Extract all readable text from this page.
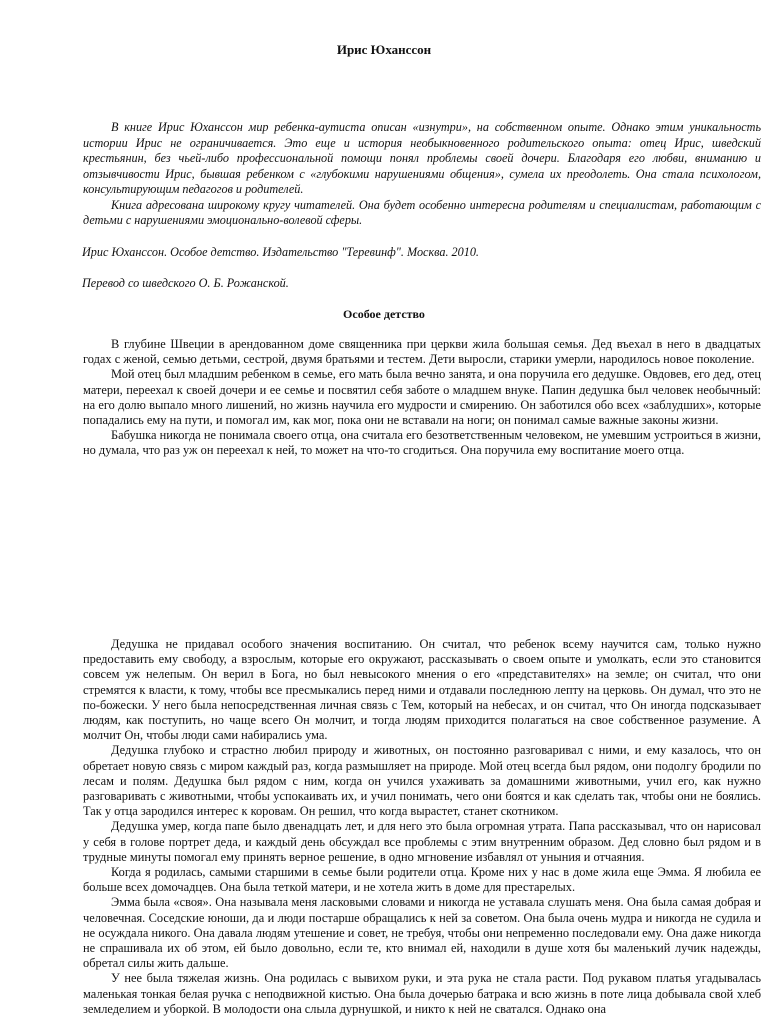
Ирис Юханссон

В книге Ирис Юханссон мир ребенка-аутиста описан «изнутри», на собственном опыте. Однако этим уникальность истории Ирис не ограничивается. Это еще и история необыкновенного родительского опыта: отец Ирис, шведский крестьянин, без чьей-либо профессиональной помощи понял проблемы своей дочери. Благодаря его любви, вниманию и отзывчивости Ирис, бывшая ребенком с «глубокими нарушениями общения», сумела их преодолеть. Она стала психологом, консультирующим педагогов и родителей.

Книга адресована широкому кругу читателей. Она будет особенно интересна родителям и специалистам, работающим с детьми с нарушениями эмоционально-волевой сферы.

Ирис Юханссон. Особое детство. Издательство "Теревинф". Москва. 2010.
Перевод со шведского О. Б. Рожанской.
Особое детство

В глубине Швеции в арендованном доме священника при церкви жила большая семья. Дед въехал в него в двадцатых годах с женой, семью детьми, сестрой, двумя братьями и тестем. Дети выросли, старики умерли, народилось новое поколение.

Мой отец был младшим ребенком в семье, его мать была вечно занята, и она поручила его дедушке. Овдовев, его дед, отец матери, переехал к своей дочери и ее семье и посвятил себя заботе о младшем внуке. Папин дедушка был человек необычный: на его долю выпало много лишений, но жизнь научила его мудрости и смирению. Он заботился обо всех «заблудших», которые попадались ему на пути, и помогал им, как мог, пока они не вставали на ноги; он понимал самые важные законы жизни.

Бабушка никогда не понимала своего отца, она считала его безответственным человеком, не умевшим устроиться в жизни, но думала, что раз уж он переехал к ней, то может на что-то сгодиться. Она поручила ему воспитание моего отца.

Дедушка не придавал особого значения воспитанию. Он считал, что ребенок всему научится сам, только нужно предоставить ему свободу, а взрослым, которые его окружают, рассказывать о своем опыте и умолкать, если это становится совсем уж нелепым. Он верил в Бога, но был невысокого мнения о его «представителях» на земле; он считал, что они стремятся к власти, к тому, чтобы все пресмыкались перед ними и отдавали последнюю лепту на церковь. Он думал, что это не по-божески. У него была непосредственная личная связь с Тем, который на небесах, и он считал, что Он иногда подсказывает людям, как поступить, но чаще всего Он молчит, и тогда людям приходится полагаться на свое собственное разумение. А молчит Он, чтобы люди сами набирались ума.

Дедушка глубоко и страстно любил природу и животных, он постоянно разговаривал с ними, и ему казалось, что он обретает новую связь с миром каждый раз, когда размышляет на природе. Мой отец всегда был рядом, они подолгу бродили по лесам и полям. Дедушка был рядом с ним, когда он учился ухаживать за домашними животными, учил его, как нужно разговаривать с животными, чтобы успокаивать их, и учил понимать, чего они боятся и как сделать так, чтобы они не боялись. Так у отца зародился интерес к коровам. Он решил, что когда вырастет, станет скотником.

Дедушка умер, когда папе было двенадцать лет, и для него это была огромная утрата. Папа рассказывал, что он нарисовал у себя в голове портрет деда, и каждый день обсуждал все проблемы с этим внутренним образом. Дед словно был рядом и в трудные минуты помогал ему принять верное решение, в одно мгновение избавлял от уныния и отчаяния.

Когда я родилась, самыми старшими в семье были родители отца. Кроме них у нас в доме жила еще Эмма. Я любила ее больше всех домочадцев. Она была теткой матери, и не хотела жить в доме для престарелых.

Эмма была «своя». Она называла меня ласковыми словами и никогда не уставала слушать меня. Она была самая добрая и человечная. Соседские юноши, да и люди постарше обращались к ней за советом. Она была очень мудра и никогда не судила и не осуждала никого. Она давала людям утешение и совет, не требуя, чтобы они непременно последовали ему. Она даже никогда не спрашивала их об этом, ей было довольно, если те, кто внимал ей, находили в душе хотя бы маленький лучик надежды, обретал силы жить дальше.

У нее была тяжелая жизнь. Она родилась с вывихом руки, и эта рука не стала расти. Под рукавом платья угадывалась маленькая тонкая белая ручка с неподвижной кистью. Она была дочерью батрака и всю жизнь в поте лица добывала свой хлеб земледелием и уборкой. В молодости она слыла дурнушкой, и никто к ней не сватался. Однако она
